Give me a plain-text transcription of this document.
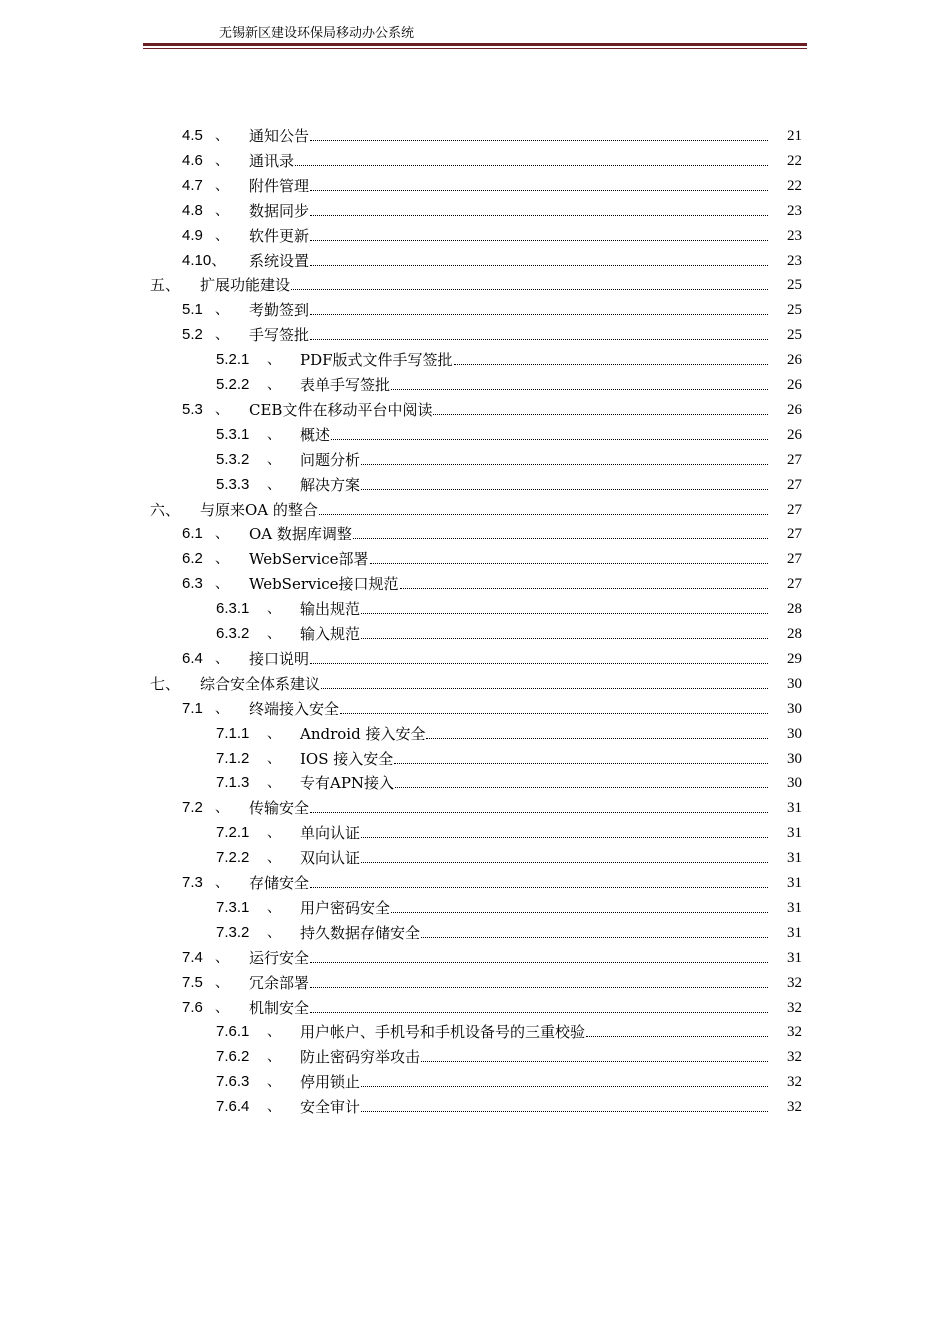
无锡新区建设环保局移动办公系统
4.5 、 通知公告	21
4.6 、 通讯录	22
4.7 、 附件管理	22
4.8 、 数据同步	23
4.9 、 软件更新	23
4.10、 系统设置	23
五、 扩展功能建设	25
5.1 、 考勤签到	25
5.2 、 手写签批	25
5.2.1 、 PDF版式文件手写签批	26
5.2.2 、 表单手写签批	26
5.3 、 CEB文件在移动平台中阅读	26
5.3.1 、 概述	26
5.3.2 、 问题分析	27
5.3.3 、 解决方案	27
六、 与原来OA 的整合	27
6.1 、 OA 数据库调整	27
6.2 、 WebService部署	27
6.3 、 WebService接口规范	27
6.3.1 、 输出规范	28
6.3.2 、 输入规范	28
6.4 、 接口说明	29
七、 综合安全体系建议	30
7.1 、 终端接入安全	30
7.1.1 、 Android 接入安全	30
7.1.2 、 IOS 接入安全	30
7.1.3 、 专有APN接入	30
7.2 、 传输安全	31
7.2.1 、 单向认证	31
7.2.2 、 双向认证	31
7.3 、 存储安全	31
7.3.1 、 用户密码安全	31
7.3.2 、 持久数据存储安全	31
7.4 、 运行安全	31
7.5 、 冗余部署	32
7.6 、 机制安全	32
7.6.1 、 用户帐户、手机号和手机设备号的三重校验	32
7.6.2 、 防止密码穷举攻击	32
7.6.3 、 停用锁止	32
7.6.4 、 安全审计	32
